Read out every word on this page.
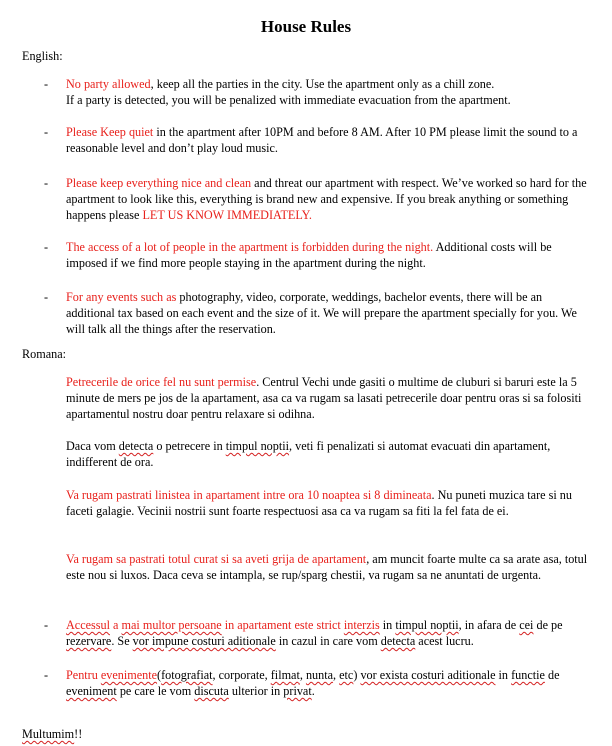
House Rules
English:
- No party allowed, keep all the parties in the city. Use the apartment only as a chill zone.
If a party is detected, you will be penalized with immediate evacuation from the apartment.
- Please Keep quiet in the apartment after 10PM and before 8 AM. After 10 PM please limit the sound to a reasonable level and don’t play loud music.
- Please keep everything nice and clean and threat our apartment with respect. We’ve worked so hard for the apartment to look like this, everything is brand new and expensive. If you break anything or something happens please LET US KNOW IMMEDIATELY.
- The access of a lot of people in the apartment is forbidden during the night. Additional costs will be imposed if we find more people staying in the apartment during the night.
- For any events such as photography, video, corporate, weddings, bachelor events, there will be an additional tax based on each event and the size of it. We will prepare the apartment specially for you. We will talk all the things after the reservation.
Romana:
Petrecerile de orice fel nu sunt permise. Centrul Vechi unde gasiti o multime de cluburi si baruri este la 5 minute de mers pe jos de la apartament, asa ca va rugam sa lasati petrecerile doar pentru oras si sa folositi apartamentul nostru doar pentru relaxare si odihna.
Daca vom detecta o petrecere in timpul noptii, veti fi penalizati si automat evacuati din apartament, indifferent de ora.
Va rugam pastrati linistea in apartament intre ora 10 noaptea si 8 dimineata. Nu puneti muzica tare si nu faceti galagie. Vecinii nostrii sunt foarte respectuosi asa ca va rugam sa fiti la fel fata de ei.
Va rugam sa pastrati totul curat si sa aveti grija de apartament, am muncit foarte multe ca sa arate asa, totul este nou si luxos. Daca ceva se intampla, se rup/sparg chestii, va rugam sa ne anuntati de urgenta.
- Accessul a mai multor persoane in apartament este strict interzis in timpul noptii, in afara de cei de pe rezervare. Se vor impune costuri aditionale in cazul in care vom detecta acest lucru.
- Pentru evenimente(fotografiat, corporate, filmat, nunta, etc) vor exista costuri aditionale in functie de eveniment pe care le vom discuta ulterior in privat.
Multumim!!
